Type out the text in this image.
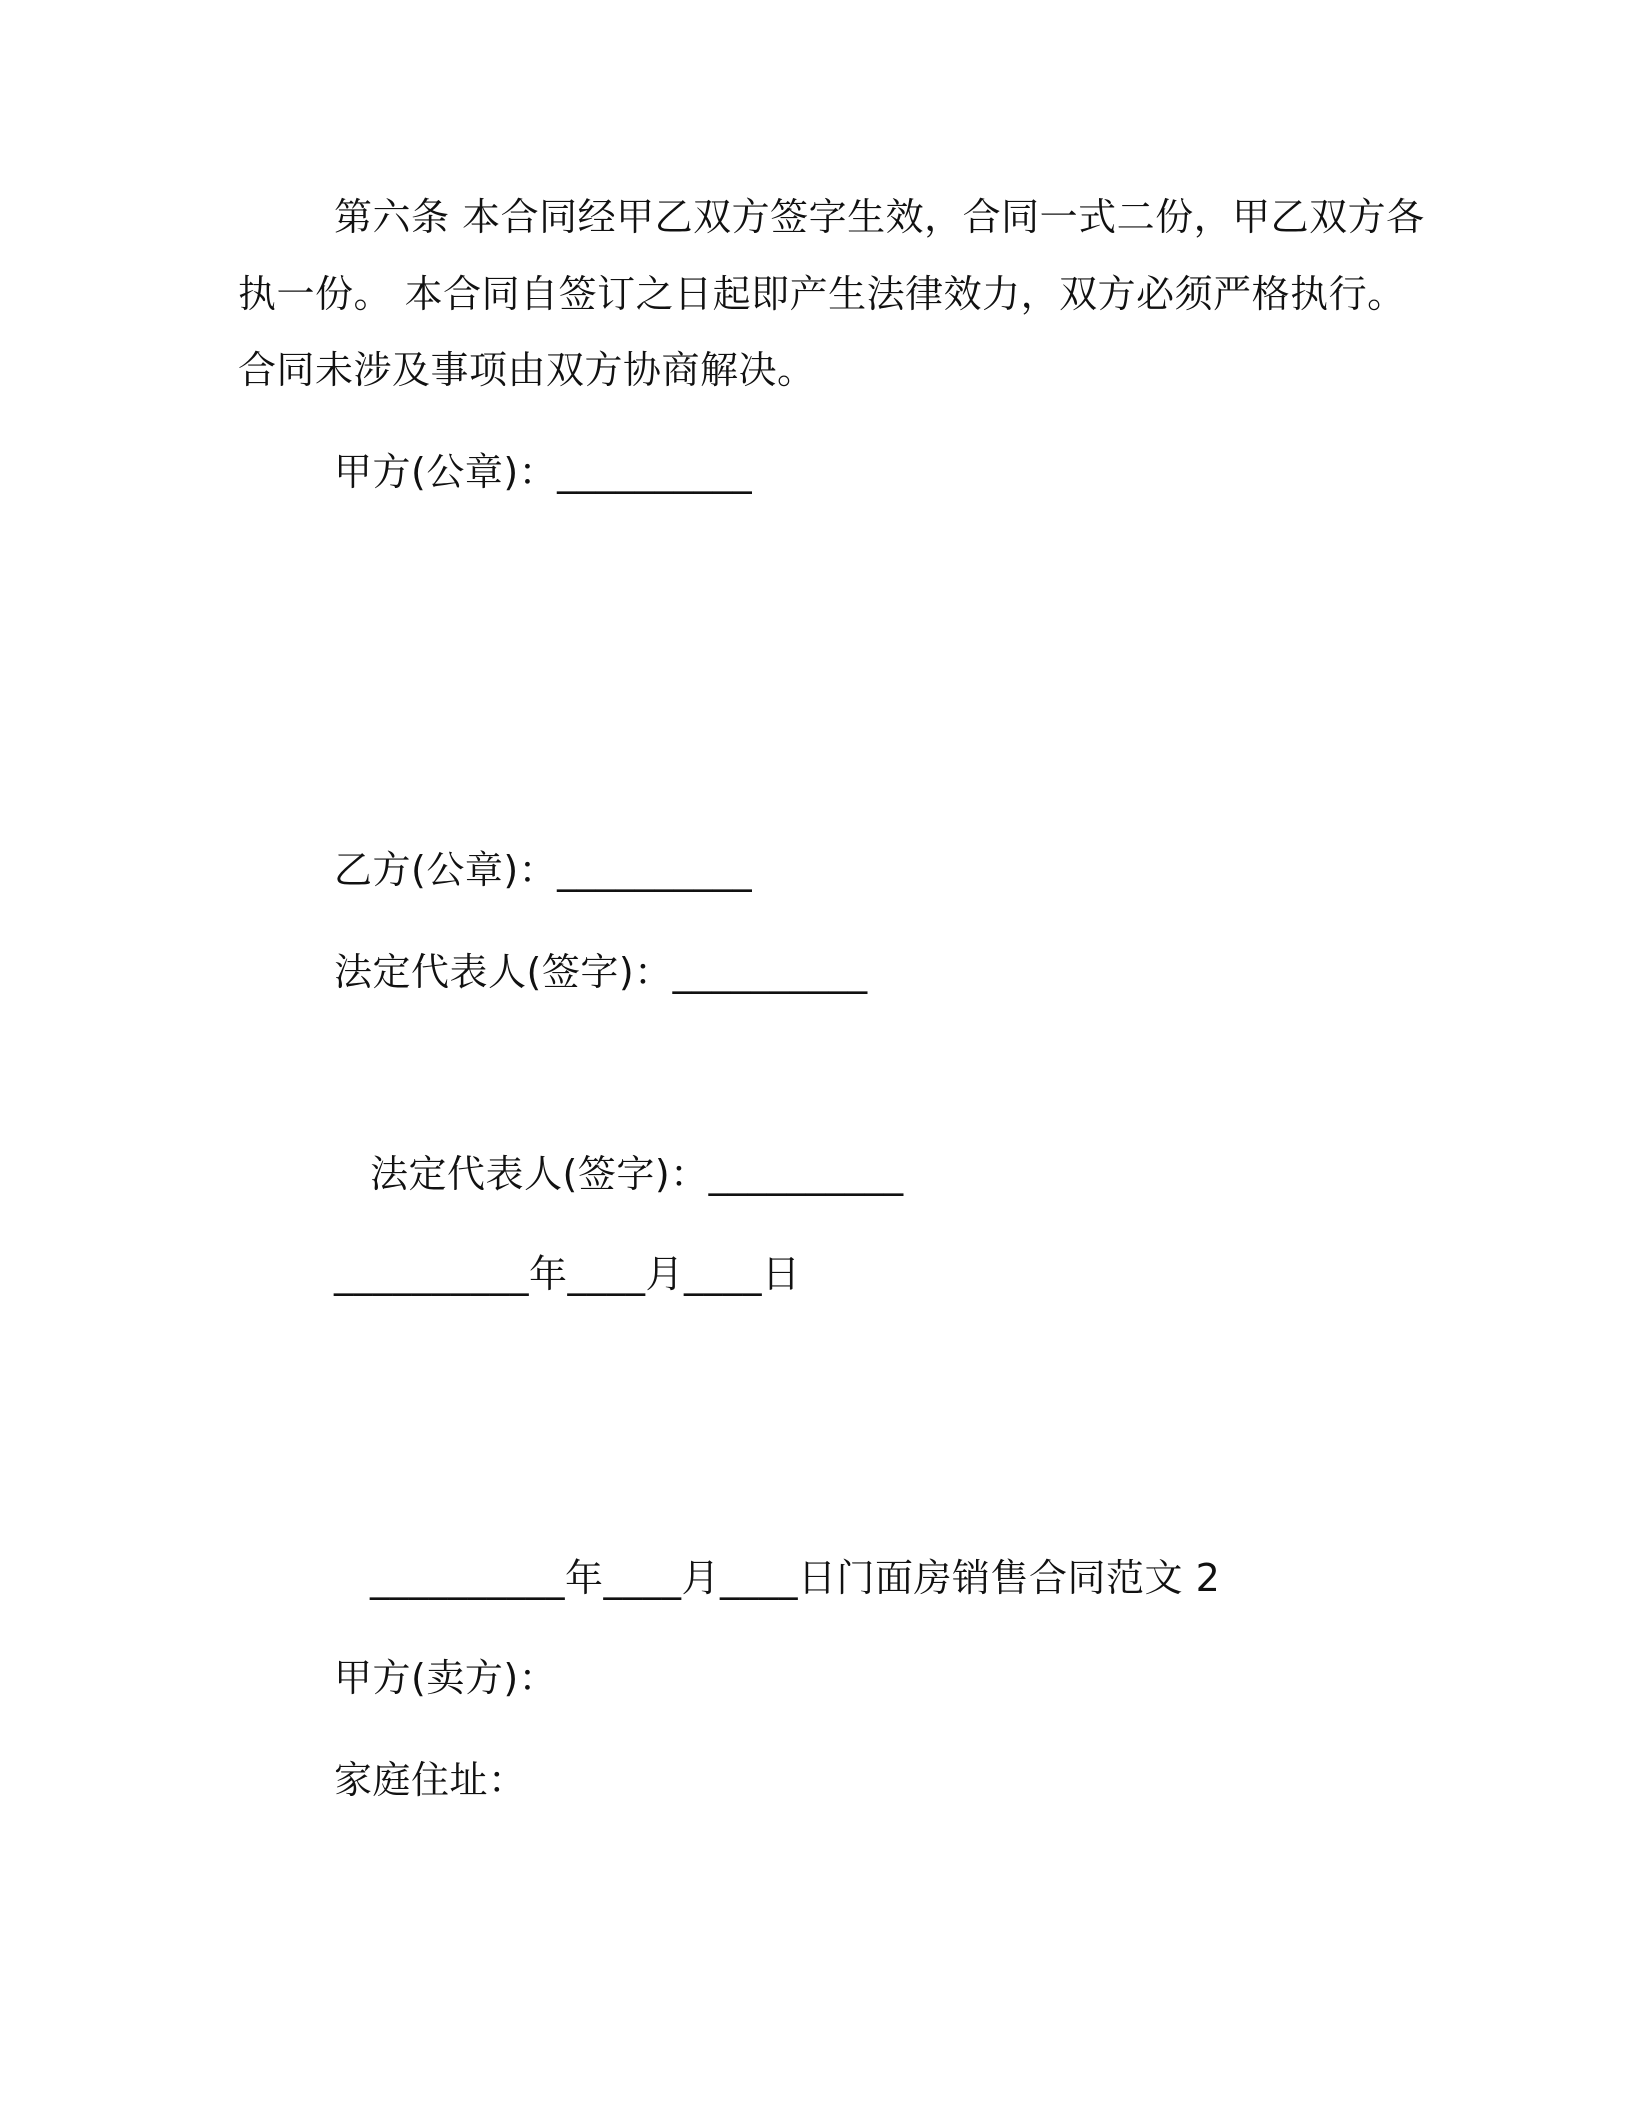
第六条 本合同经甲乙双方签字生效，合同一式二份，甲乙双方各
执一份。 本合同自签订之日起即产生法律效力，双方必须严格执行。
合同未涉及事项由双方协商解决。
甲方(公章)：__________
乙方(公章)：__________
法定代表人(签字)：__________
法定代表人(签字)：__________
__________年____月____日
__________年____月____日门面房销售合同范文 2
甲方(卖方)：
家庭住址：
